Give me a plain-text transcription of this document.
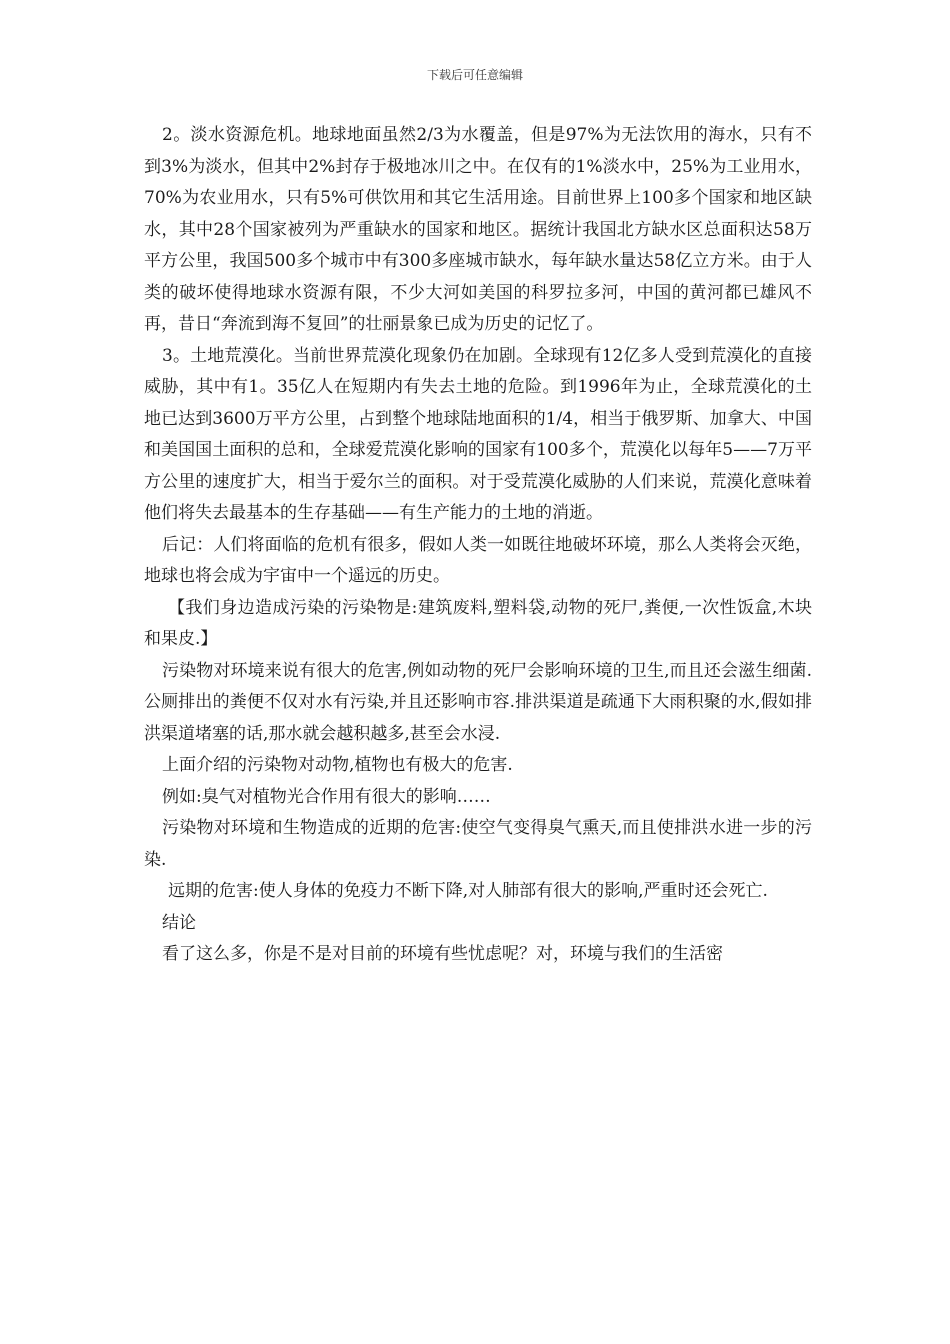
下载后可任意编辑

2。淡水资源危机。地球地面虽然2/3为水覆盖，但是97%为无法饮用的海水，只有不到3%为淡水，但其中2%封存于极地冰川之中。在仅有的1%淡水中，25%为工业用水，70%为农业用水，只有5%可供饮用和其它生活用途。目前世界上100多个国家和地区缺水，其中28个国家被列为严重缺水的国家和地区。据统计我国北方缺水区总面积达58万平方公里，我国500多个城市中有300多座城市缺水，每年缺水量达58亿立方米。由于人类的破坏使得地球水资源有限，不少大河如美国的科罗拉多河，中国的黄河都已雄风不再，昔日“奔流到海不复回”的壮丽景象已成为历史的记忆了。

3。土地荒漠化。当前世界荒漠化现象仍在加剧。全球现有12亿多人受到荒漠化的直接威胁，其中有1。35亿人在短期内有失去土地的危险。到1996年为止，全球荒漠化的土地已达到3600万平方公里，占到整个地球陆地面积的1/4，相当于俄罗斯、加拿大、中国和美国国土面积的总和，全球爱荒漠化影响的国家有100多个，荒漠化以每年5——7万平方公里的速度扩大，相当于爱尔兰的面积。对于受荒漠化威胁的人们来说，荒漠化意味着他们将失去最基本的生存基础——有生产能力的土地的消逝。

后记：人们将面临的危机有很多，假如人类一如既往地破坏环境，那么人类将会灭绝，地球也将会成为宇宙中一个遥远的历史。

【我们身边造成污染的污染物是:建筑废料,塑料袋,动物的死尸,粪便,一次性饭盒,木块和果皮.】

污染物对环境来说有很大的危害,例如动物的死尸会影响环境的卫生,而且还会滋生细菌.公厕排出的粪便不仅对水有污染,并且还影响市容.排洪渠道是疏通下大雨积聚的水,假如排洪渠道堵塞的话,那水就会越积越多,甚至会水浸.

上面介绍的污染物对动物,植物也有极大的危害.

例如:臭气对植物光合作用有很大的影响……

污染物对环境和生物造成的近期的危害:使空气变得臭气熏天,而且使排洪水进一步的污染.

远期的危害:使人身体的免疫力不断下降,对人肺部有很大的影响,严重时还会死亡.

结论

看了这么多，你是不是对目前的环境有些忧虑呢？对，环境与我们的生活密
